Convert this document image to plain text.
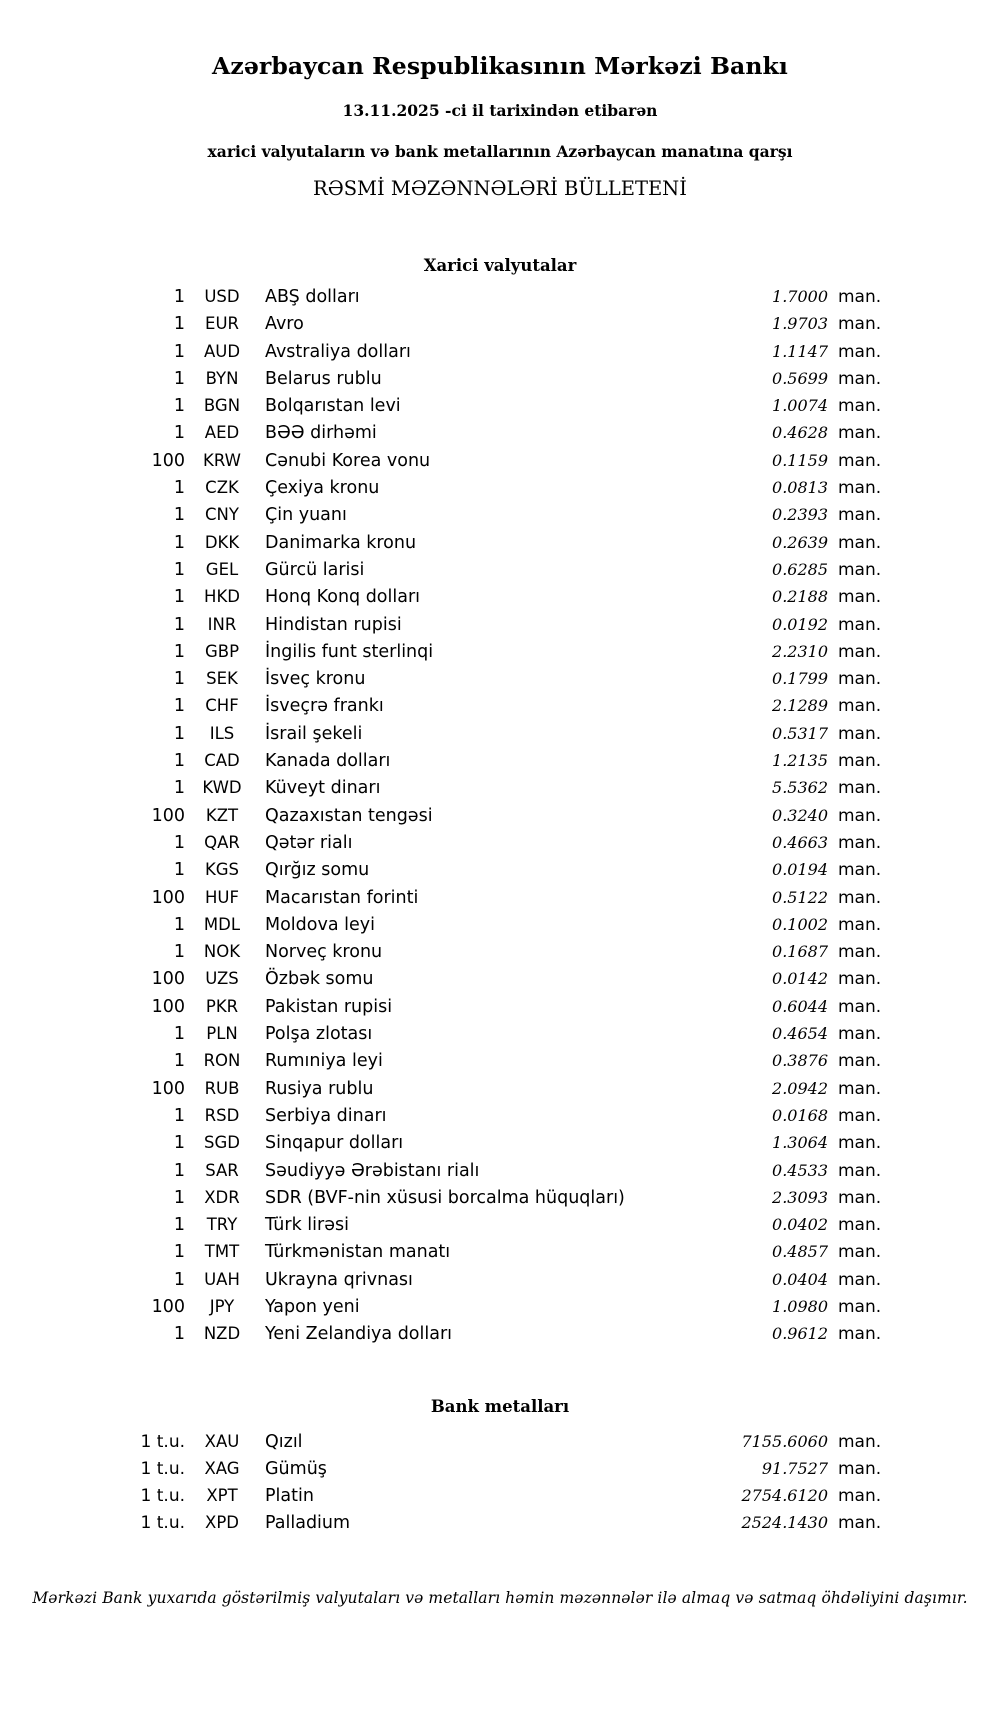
Azərbaycan Respublikasının Mərkəzi Bankı
13.11.2025 -ci il tarixindən etibarən
xarici valyutaların və bank metallarının Azərbaycan manatına qarşı
RƏSMİ MƏZƏNNƏLƏRİ BÜLLETENİ
Xarici valyutalar
1	USD	ABŞ dolları	1.7000	man.
1	EUR	Avro	1.9703	man.
1	AUD	Avstraliya dolları	1.1147	man.
1	BYN	Belarus rublu	0.5699	man.
1	BGN	Bolqarıstan levi	1.0074	man.
1	AED	BƏƏ dirhəmi	0.4628	man.
100	KRW	Cənubi Korea vonu	0.1159	man.
1	CZK	Çexiya kronu	0.0813	man.
1	CNY	Çin yuanı	0.2393	man.
1	DKK	Danimarka kronu	0.2639	man.
1	GEL	Gürcü larisi	0.6285	man.
1	HKD	Honq Konq dolları	0.2188	man.
1	INR	Hindistan rupisi	0.0192	man.
1	GBP	İngilis funt sterlinqi	2.2310	man.
1	SEK	İsveç kronu	0.1799	man.
1	CHF	İsveçrə frankı	2.1289	man.
1	ILS	İsrail şekeli	0.5317	man.
1	CAD	Kanada dolları	1.2135	man.
1	KWD	Küveyt dinarı	5.5362	man.
100	KZT	Qazaxıstan tengəsi	0.3240	man.
1	QAR	Qətər rialı	0.4663	man.
1	KGS	Qırğız somu	0.0194	man.
100	HUF	Macarıstan forinti	0.5122	man.
1	MDL	Moldova leyi	0.1002	man.
1	NOK	Norveç kronu	0.1687	man.
100	UZS	Özbək somu	0.0142	man.
100	PKR	Pakistan rupisi	0.6044	man.
1	PLN	Polşa zlotası	0.4654	man.
1	RON	Rumıniya leyi	0.3876	man.
100	RUB	Rusiya rublu	2.0942	man.
1	RSD	Serbiya dinarı	0.0168	man.
1	SGD	Sinqapur dolları	1.3064	man.
1	SAR	Səudiyyə Ərəbistanı rialı	0.4533	man.
1	XDR	SDR (BVF-nin xüsusi borcalma hüquqları)	2.3093	man.
1	TRY	Türk lirəsi	0.0402	man.
1	TMT	Türkmənistan manatı	0.4857	man.
1	UAH	Ukrayna qrivnası	0.0404	man.
100	JPY	Yapon yeni	1.0980	man.
1	NZD	Yeni Zelandiya dolları	0.9612	man.
Bank metalları
1 t.u.	XAU	Qızıl	7155.6060	man.
1 t.u.	XAG	Gümüş	91.7527	man.
1 t.u.	XPT	Platin	2754.6120	man.
1 t.u.	XPD	Palladium	2524.1430	man.
Mərkəzi Bank yuxarıda göstərilmiş valyutaları və metalları həmin məzənnələr ilə almaq və satmaq öhdəliyini daşımır.
